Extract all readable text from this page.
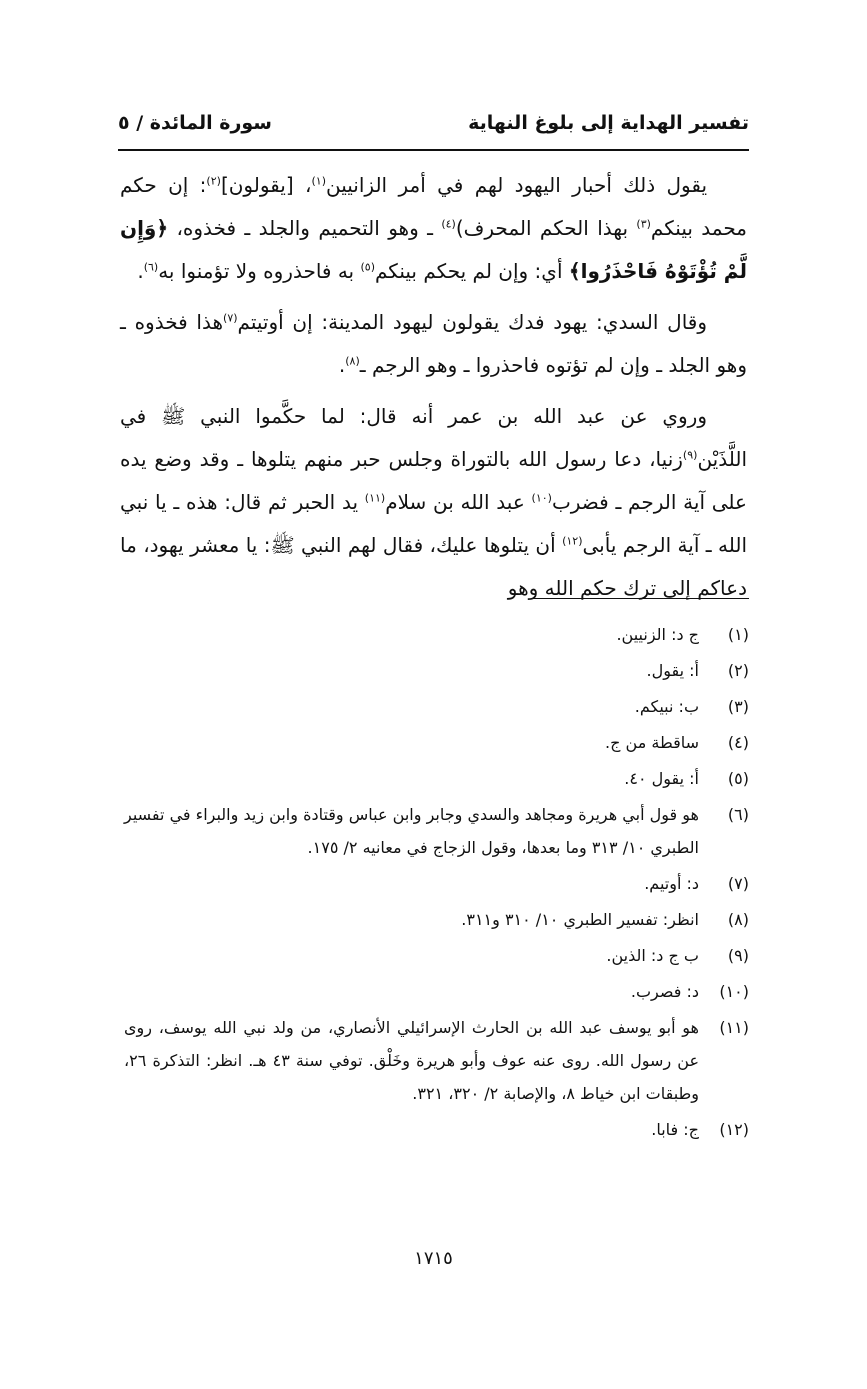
تفسير الهداية إلى بلوغ النهاية
سورة المائدة / ٥

يقول ذلك أحبار اليهود لهم في أمر الزانيين$^{(١)}$، [يقولون]$^{(٢)}$: إن حكم محمد بينكم$^{(٣)}$ بهذا الحكم المحرف)$^{(٤)}$ ـ وهو التحميم والجلد ـ فخذوه، ﴿وَإِن لَّمْ تُؤْتَوْهُ فَاحْذَرُوا﴾ أي: وإن لم يحكم بينكم$^{(٥)}$ به فاحذروه ولا تؤمنوا به$^{(٦)}$.

وقال السدي: يهود فدك يقولون ليهود المدينة: إن أوتيتم$^{(٧)}$هذا فخذوه ـ وهو الجلد ـ وإن لم تؤتوه فاحذروا ـ وهو الرجم ـ$^{(٨)}$.

وروي عن عبد الله بن عمر أنه قال: لما حكَّموا النبي ﷺ في اللَّذَيْن$^{(٩)}$زنيا، دعا رسول الله بالتوراة وجلس حبر منهم يتلوها ـ وقد وضع يده على آية الرجم ـ فضرب$^{(١٠)}$ عبد الله بن سلام$^{(١١)}$ يد الحبر ثم قال: هذه ـ يا نبي الله ـ آية الرجم يأبى$^{(١٢)}$ أن يتلوها عليك، فقال لهم النبي ﷺ: يا معشر يهود، ما دعاكم إلى ترك حكم الله وهو

(١)
ج د: الزنيين.
(٢)
أ: يقول.
(٣)
ب: نبيكم.
(٤)
ساقطة من ج.
(٥)
أ: يقول ٤٠.
(٦)
هو قول أبي هريرة ومجاهد والسدي وجابر وابن عباس وقتادة وابن زيد والبراء في تفسير الطبري ١٠/ ٣١٣ وما بعدها، وقول الزجاج في معانيه ٢/ ١٧٥.
(٧)
د: أوتيم.
(٨)
انظر: تفسير الطبري ١٠/ ٣١٠ و٣١١.
(٩)
ب ج د: الذين.
(١٠)
د: فصرب.
(١١)
هو أبو يوسف عبد الله بن الحارث الإسرائيلي الأنصاري، من ولد نبي الله يوسف، روى عن رسول الله. روى عنه عوف وأبو هريرة وخَلْق. توفي سنة ٤٣ هـ. انظر: التذكرة ٢٦، وطبقات ابن خياط ٨، والإصابة ٢/ ٣٢٠، ٣٢١.
(١٢)
ج: فابا.
١٧١٥
